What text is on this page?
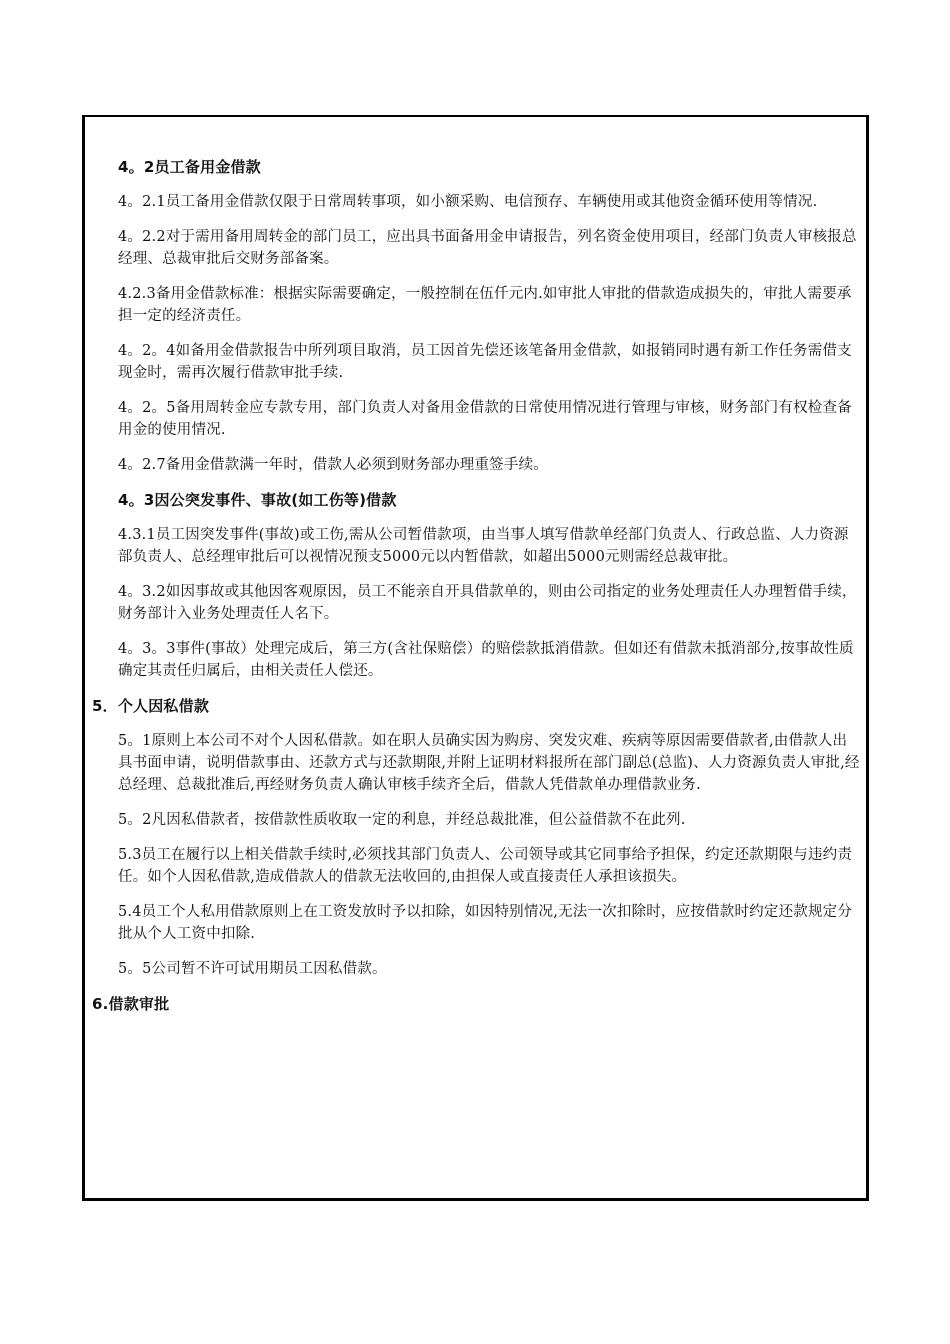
4。2员工备用金借款

4。2.1员工备用金借款仅限于日常周转事项，如小额采购、电信预存、车辆使用或其他资金循环使用等情况.

4。2.2对于需用备用周转金的部门员工，应出具书面备用金申请报告，列名资金使用项目，经部门负责人审核报总经理、总裁审批后交财务部备案。

4.2.3备用金借款标准：根据实际需要确定，一般控制在伍仟元内.如审批人审批的借款造成损失的，审批人需要承担一定的经济责任。

4。2。4如备用金借款报告中所列项目取消，员工因首先偿还该笔备用金借款，如报销同时遇有新工作任务需借支现金时，需再次履行借款审批手续.

4。2。5备用周转金应专款专用，部门负责人对备用金借款的日常使用情况进行管理与审核，财务部门有权检查备用金的使用情况.

4。2.7备用金借款满一年时，借款人必须到财务部办理重签手续。

4。3因公突发事件、事故(如工伤等)借款

4.3.1员工因突发事件(事故)或工伤,需从公司暂借款项，由当事人填写借款单经部门负责人、行政总监、人力资源部负责人、总经理审批后可以视情况预支5000元以内暂借款，如超出5000元则需经总裁审批。

4。3.2如因事故或其他因客观原因，员工不能亲自开具借款单的，则由公司指定的业务处理责任人办理暂借手续，财务部计入业务处理责任人名下。

4。3。3事件(事故）处理完成后，第三方(含社保赔偿）的赔偿款抵消借款。但如还有借款未抵消部分,按事故性质确定其责任归属后，由相关责任人偿还。

5．个人因私借款

5。1原则上本公司不对个人因私借款。如在职人员确实因为购房、突发灾难、疾病等原因需要借款者,由借款人出具书面申请，说明借款事由、还款方式与还款期限,并附上证明材料报所在部门副总(总监)、人力资源负责人审批,经总经理、总裁批准后,再经财务负责人确认审核手续齐全后，借款人凭借款单办理借款业务.

5。2凡因私借款者，按借款性质收取一定的利息，并经总裁批准，但公益借款不在此列.

5.3员工在履行以上相关借款手续时,必须找其部门负责人、公司领导或其它同事给予担保，约定还款期限与违约责任。如个人因私借款,造成借款人的借款无法收回的,由担保人或直接责任人承担该损失。

5.4员工个人私用借款原则上在工资发放时予以扣除，如因特别情况,无法一次扣除时，应按借款时约定还款规定分批从个人工资中扣除.

5。5公司暂不许可试用期员工因私借款。

6.借款审批
